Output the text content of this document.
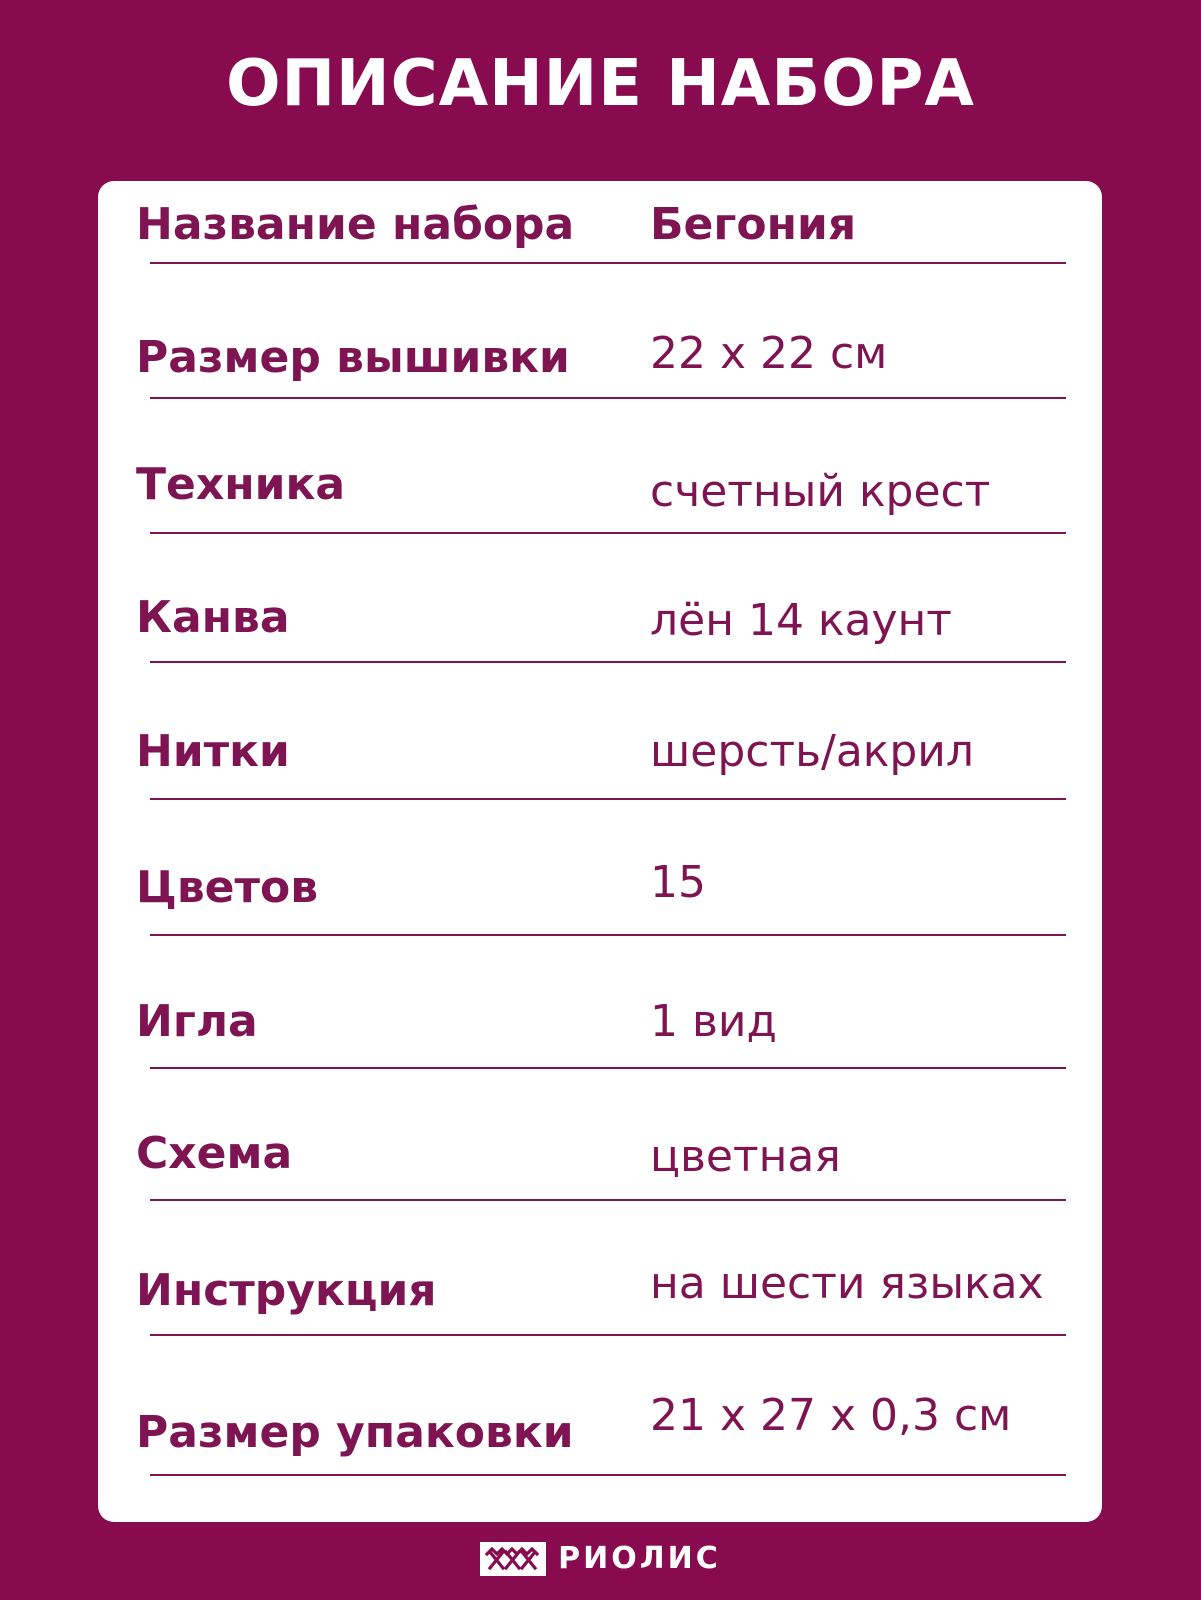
ОПИСАНИЕ НАБОРА
Название набора Бегония
Размер вышивки 22 х 22 см
Техника	счетный крест
Канва	лён 14 каунт
Нитки	шерсть/акрил
Цветов	15
Игла	1 вид
Схема	цветная
Инструкция	на шести языках
Размер упаковки 21 х 27 х 0,3 см
РИОЛИС
